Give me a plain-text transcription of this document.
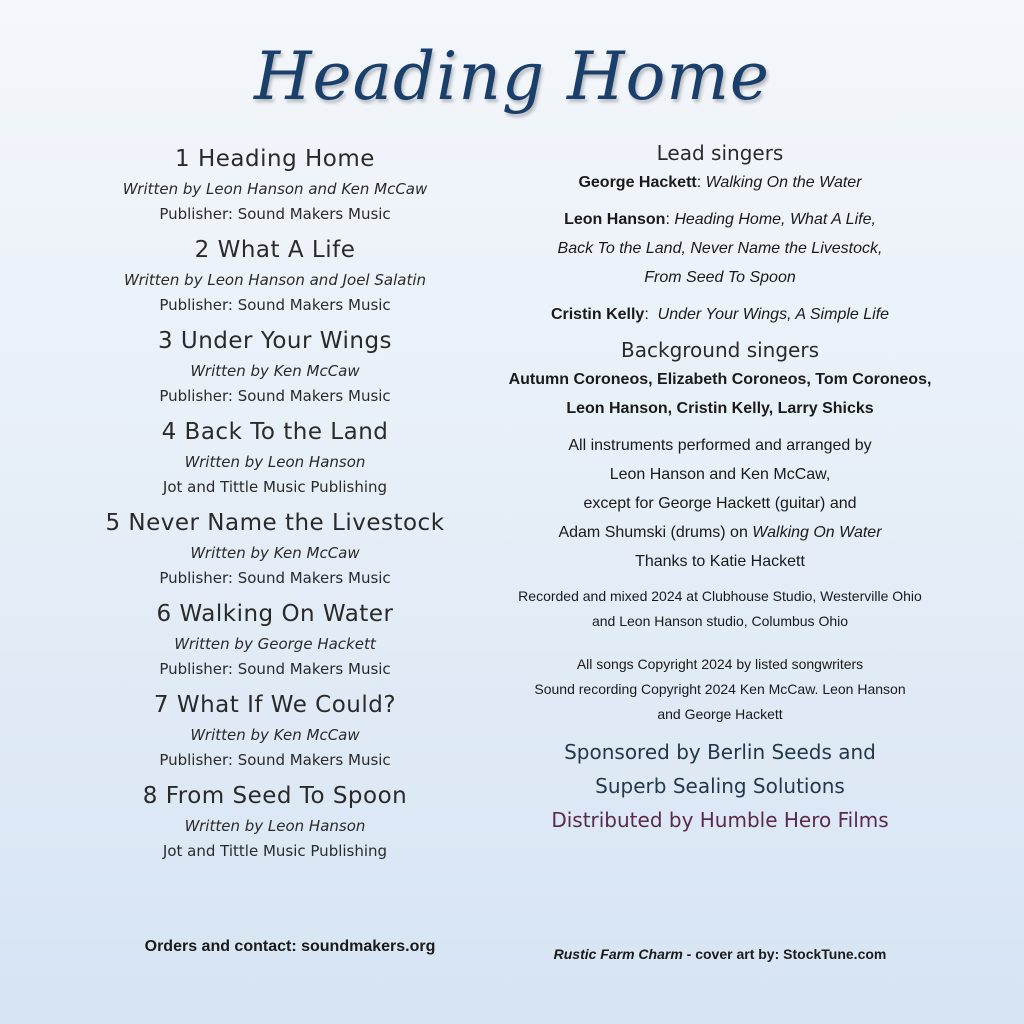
Heading Home
1 Heading Home
Written by Leon Hanson and Ken McCaw
Publisher: Sound Makers Music
2 What A Life
Written by Leon Hanson and Joel Salatin
Publisher: Sound Makers Music
3 Under Your Wings
Written by Ken McCaw
Publisher: Sound Makers Music
4 Back To the Land
Written by Leon Hanson
Jot and Tittle Music Publishing
5 Never Name the Livestock
Written by Ken McCaw
Publisher: Sound Makers Music
6 Walking On Water
Written by George Hackett
Publisher: Sound Makers Music
7 What If We Could?
Written by Ken McCaw
Publisher: Sound Makers Music
8 From Seed To Spoon
Written by Leon Hanson
Jot and Tittle Music Publishing
Lead singers
George Hackett: Walking On the Water
Leon Hanson: Heading Home, What A Life,
Back To the Land, Never Name the Livestock,
From Seed To Spoon
Cristin Kelly:  Under Your Wings, A Simple Life
Background singers
Autumn Coroneos, Elizabeth Coroneos, Tom Coroneos,
Leon Hanson, Cristin Kelly, Larry Shicks
All instruments performed and arranged by
Leon Hanson and Ken McCaw,
except for George Hackett (guitar) and
Adam Shumski (drums) on Walking On Water
Thanks to Katie Hackett
Recorded and mixed 2024 at Clubhouse Studio, Westerville Ohio
and Leon Hanson studio, Columbus Ohio
All songs Copyright 2024 by listed songwriters
Sound recording Copyright 2024 Ken McCaw. Leon Hanson
and George Hackett
Sponsored by Berlin Seeds and
Superb Sealing Solutions
Distributed by Humble Hero Films
Orders and contact: soundmakers.org	Rustic Farm Charm - cover art by: StockTune.com
